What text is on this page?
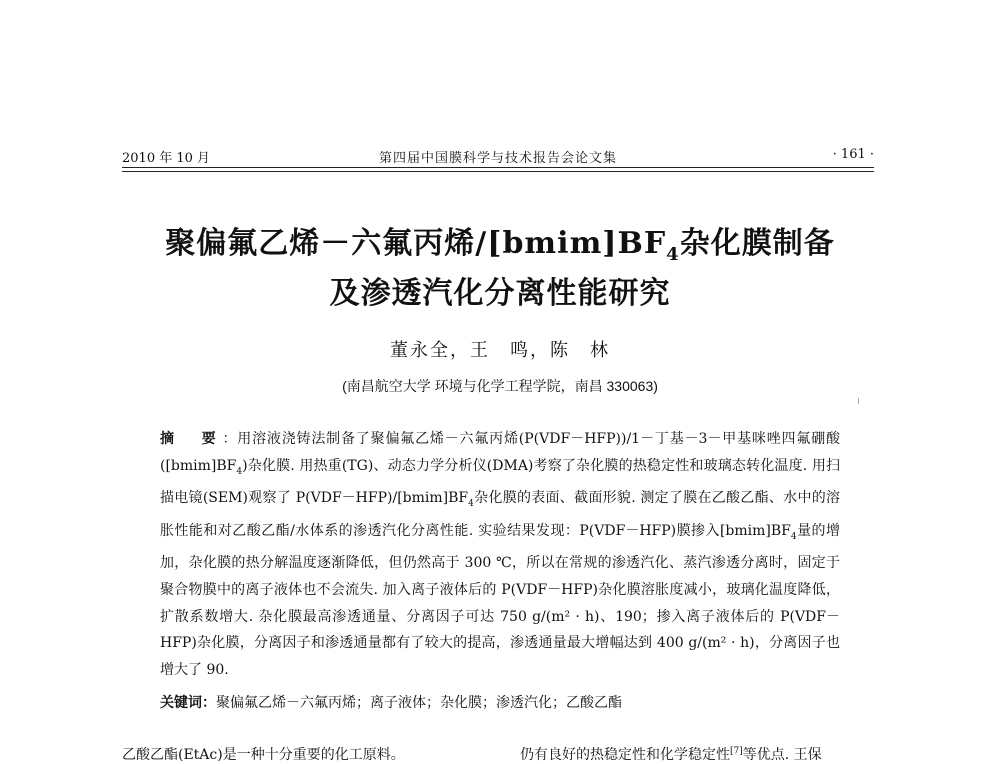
2010 年 10 月	第四届中国膜科学与技术报告会论文集	· 161 ·
聚偏氟乙烯－六氟丙烯$/[bmim]BF_4$杂化膜制备
及渗透汽化分离性能研究
董永全，王　鸣，陈　林
(南昌航空大学 环境与化学工程学院，南昌 330063)
摘　要：用溶液浇铸法制备了聚偏氟乙烯－六氟丙烯(P(VDF－HFP))/1－丁基－3－甲基咪唑四氟硼酸$([bmim]BF_4)$杂化膜. 用热重(TG)、动态力学分析仪(DMA)考察了杂化膜的热稳定性和玻璃态转化温度. 用扫描电镜(SEM)观察了 $P(VDF-HFP)/[bmim]BF_4$杂化膜的表面、截面形貌. 测定了膜在乙酸乙酯、水中的溶胀性能和对乙酸乙酯/水体系的渗透汽化分离性能. 实验结果发现：P(VDF－HFP)膜掺入$[bmim]BF_4$量的增加，杂化膜的热分解温度逐渐降低，但仍然高于 300 ℃，所以在常规的渗透汽化、蒸汽渗透分离时，固定于聚合物膜中的离子液体也不会流失. 加入离子液体后的 P(VDF－HFP)杂化膜溶胀度减小，玻璃化温度降低，扩散系数增大. 杂化膜最高渗透通量、分离因子可达 750 g/(m² · h)、190；掺入离子液体后的 P(VDF－HFP)杂化膜，分离因子和渗透通量都有了较大的提高，渗透通量最大增幅达到 400 g/(m² · h)，分离因子也增大了 90.
关键词：聚偏氟乙烯－六氟丙烯；离子液体；杂化膜；渗透汽化；乙酸乙酯
乙酸乙酯(EtAc)是一种十分重要的化工原料。	仍有良好的热稳定性和化学稳定性[7]等优点. 王保
